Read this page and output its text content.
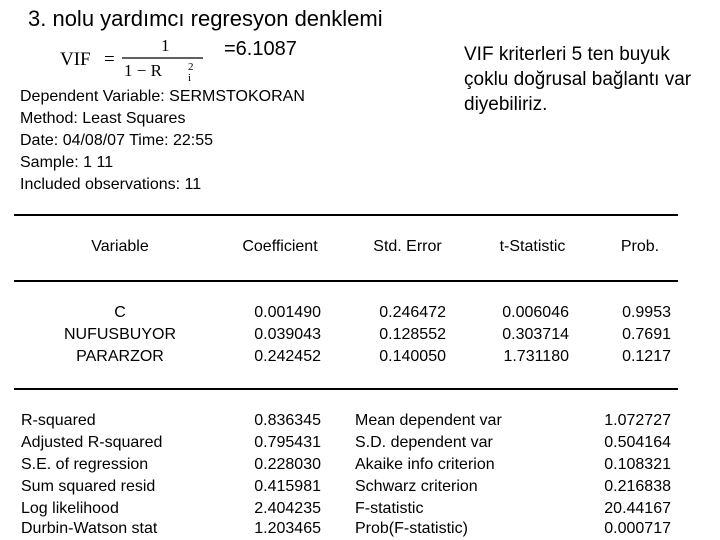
3. nolu yardımcı regresyon denklemi
VIF =
1
1 − R 2
i
=6.1087	VIF kriterleri 5 ten buyuk çoklu doğrusal bağlantı var diyebiliriz.
Dependent Variable: SERMSTOKORAN
Method: Least Squares
Date: 04/08/07 Time: 22:55
Sample: 1 11
Included observations: 11
Variable	Coefficient	Std. Error	t-Statistic	Prob.
C	0.001490	0.246472	0.006046	0.9953
NUFUSBUYOR	0.039043	0.128552	0.303714	0.7691
PARARZOR	0.242452	0.140050	1.731180	0.1217
R-squared	0.836345 Mean dependent var	1.072727
Adjusted R-squared	0.795431 S.D. dependent var	0.504164
S.E. of regression	0.228030 Akaike info criterion	0.108321
Sum squared resid	0.415981 Schwarz criterion	0.216838
Log likelihood	2.404235 F-statistic	20.44167
Durbin-Watson stat	1.203465 Prob(F-statistic)	0.000717
